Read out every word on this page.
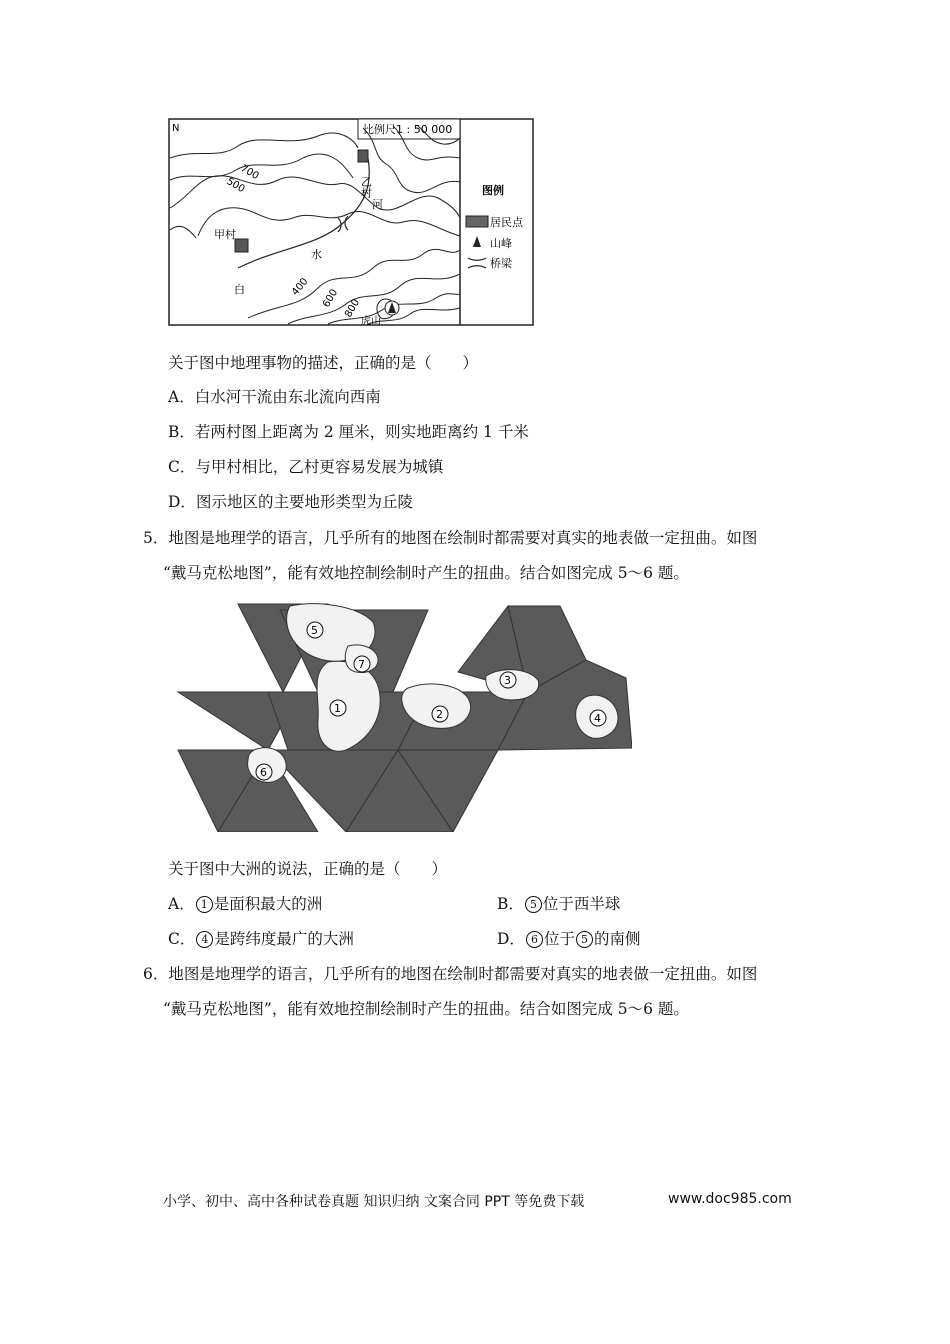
比例尺1 : 50 000
N
甲村
乙村
白
水
河
700
500
400
600 800
虎山
图例
居民点
山峰
桥梁
关于图中地理事物的描述，正确的是（　　）
A．白水河干流由东北流向西南
B．若两村图上距离为 2 厘米，则实地距离约 1 千米
C．与甲村相比，乙村更容易发展为城镇
D．图示地区的主要地形类型为丘陵
5．地图是地理学的语言，几乎所有的地图在绘制时都需要对真实的地表做一定扭曲。如图
“戴马克松地图”，能有效地控制绘制时产生的扭曲。结合如图完成 5～6 题。
1	2
3
4
5
6
7
关于图中大洲的说法，正确的是（　　）
A． 1 是面积最大的洲	B． 5 位于西半球
C． 4 是跨纬度最广的大洲	D． 6 位于 5 的南侧
6．地图是地理学的语言，几乎所有的地图在绘制时都需要对真实的地表做一定扭曲。如图
“戴马克松地图”，能有效地控制绘制时产生的扭曲。结合如图完成 5～6 题。
小学、初中、高中各种试卷真题 知识归纳 文案合同 PPT 等免费下载	www.doc985.com
